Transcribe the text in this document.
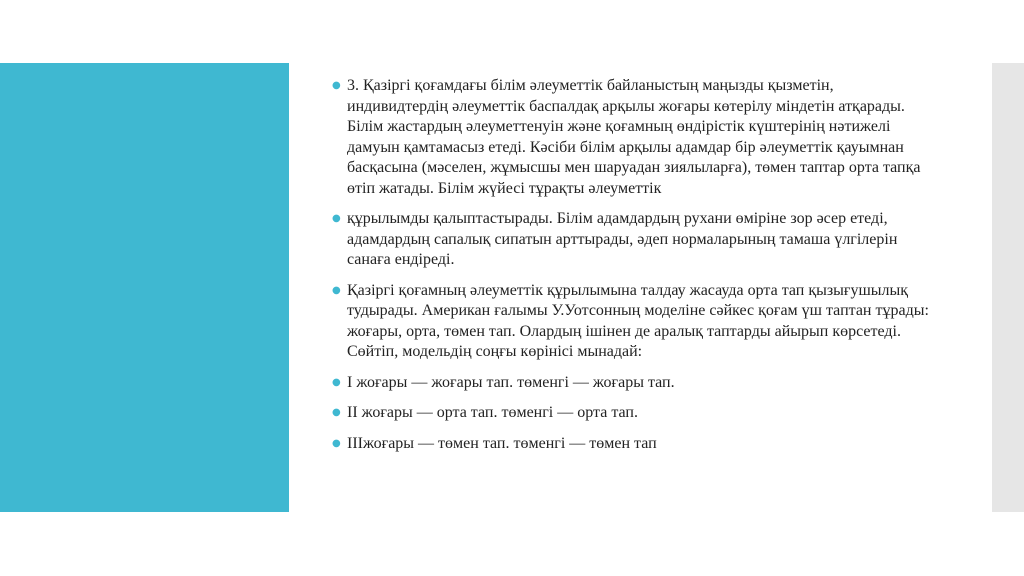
● 3. Қазіргі қоғамдағы білім әлеуметтік байланыстың маңызды қызметін, индивидтердің әлеуметтік баспалдақ арқылы жоғары көтерілу міндетін атқарады. Білім жастардың әлеуметтенуін және қоғамның өндірістік күштерінің нәтижелі дамуын қамтамасыз етеді. Кәсіби білім арқылы адамдар бір әлеуметтік қауымнан басқасына (мәселен, жұмысшы мен шаруадан зиялыларға), төмен таптар орта тапқа өтіп жатады. Білім жүйесі тұрақты әлеуметтік
● құрылымды қалыптастырады. Білім адамдардың рухани өміріне зор әсер етеді, адамдардың сапалық сипатын арттырады, әдеп нормаларының тамаша үлгілерін санаға ендіреді.
● Қазіргі қоғамның әлеуметтік құрылымына талдау жасауда орта тап қызығушылық тудырады. Американ ғалымы У.Уотсонның моделіне сәйкес қоғам үш таптан тұрады: жоғары, орта, төмен тап. Олардың ішінен де аралық таптарды айырып көрсетеді. Сөйтіп, модельдің соңғы көрінісі мынадай:
● І жоғары — жоғары тап. төменгі — жоғары тап.
● ІІ жоғары — орта тап. төменгі — орта тап.
● ІІІжоғары — төмен тап. төменгі — төмен тап
